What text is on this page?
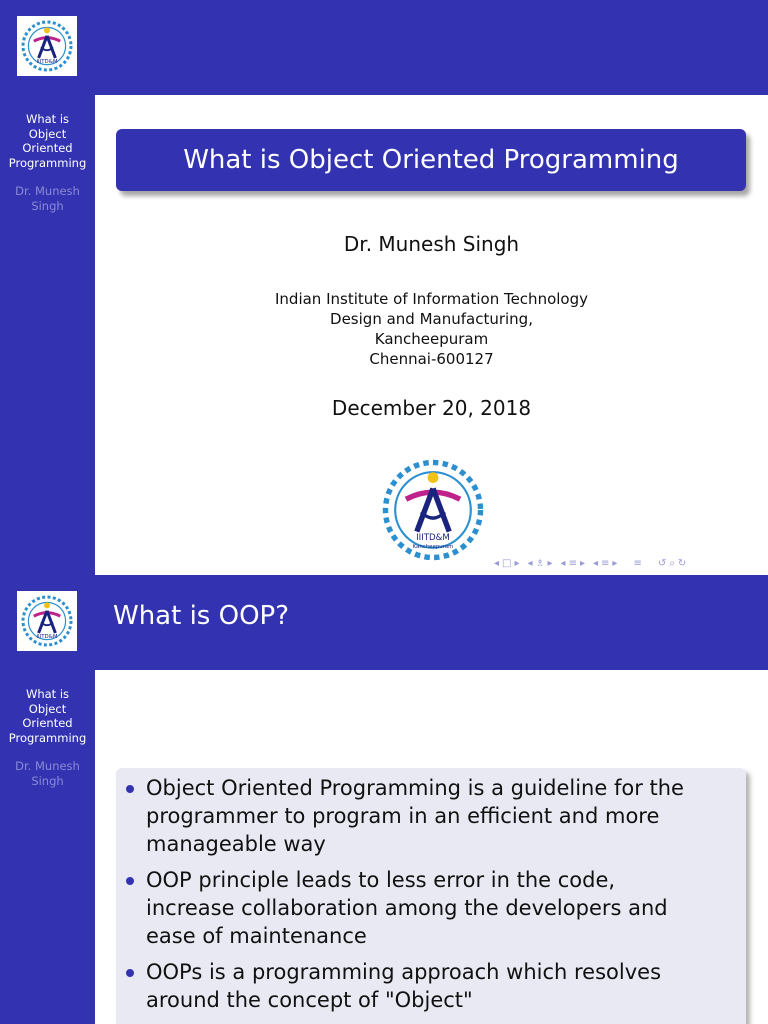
IIITD&M
What is
Object
Oriented
Programming
Dr. Munesh
Singh
What is Object Oriented Programming
Dr. Munesh Singh
Indian Institute of Information Technology
Design and Manufacturing,
Kancheepuram
Chennai-600127
December 20, 2018
IIITD&M
Kancheepuram
◂ □ ▸ ◂ ♗ ▸ ◂ ≡ ▸ ◂ ≡ ▸ ≡ ↺ ⌕ ↻
IIITD&M
What is OOP?
What is
Object
Oriented
Programming
Dr. Munesh
Singh	Object Oriented Programming is a guideline for the programmer to program in an efficient and more manageable way
OOP principle leads to less error in the code, increase collaboration among the developers and ease of maintenance
OOPs is a programming approach which resolves around the concept of "Object"
